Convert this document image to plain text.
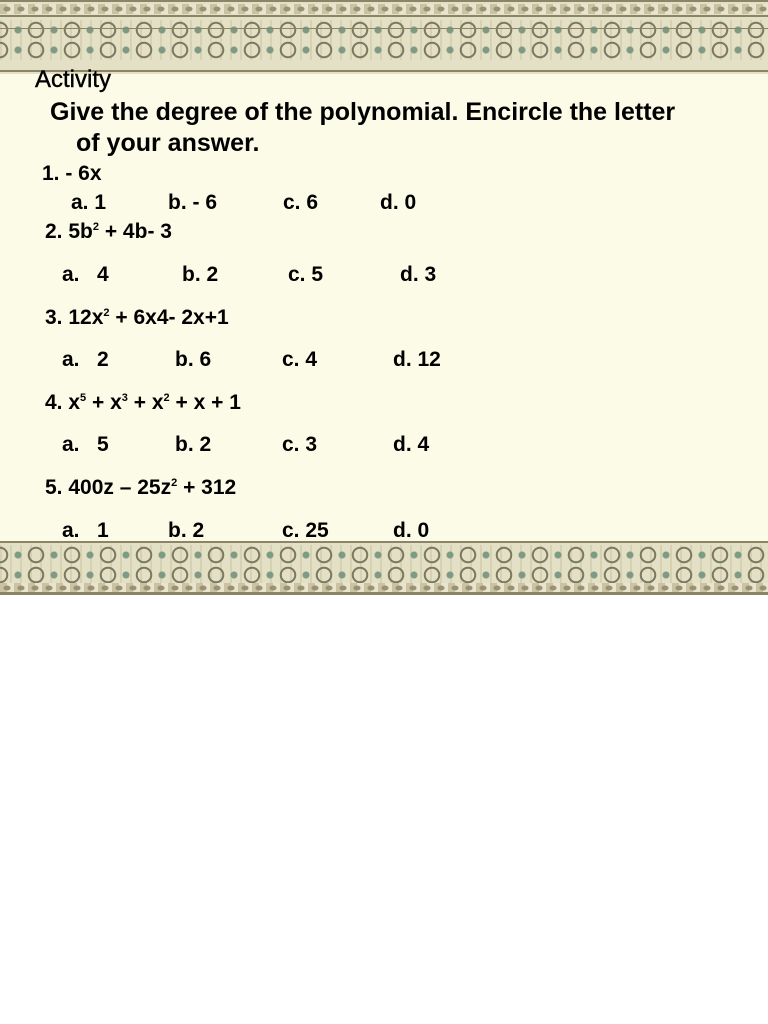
Activity
Give the degree of the polynomial. Encircle the letter
of your answer.
1. - 6x
a. 1	b. - 6	c. 6	d. 0
2. $5b^2 + 4b-$ 3
a.   4	b. 2	c. 5	d. 3
3. $12x^2 + 6x4-$ 2x+1
a.   2	b. 6	c. 4	d. 12
4. $x^5 + x^3 + x^2 + x + 1$
a.   5	b. 2	c. 3	d. 4
5. $400z - 25z^2 + 312$
a.   1	b. 2	c. 25	d. 0
